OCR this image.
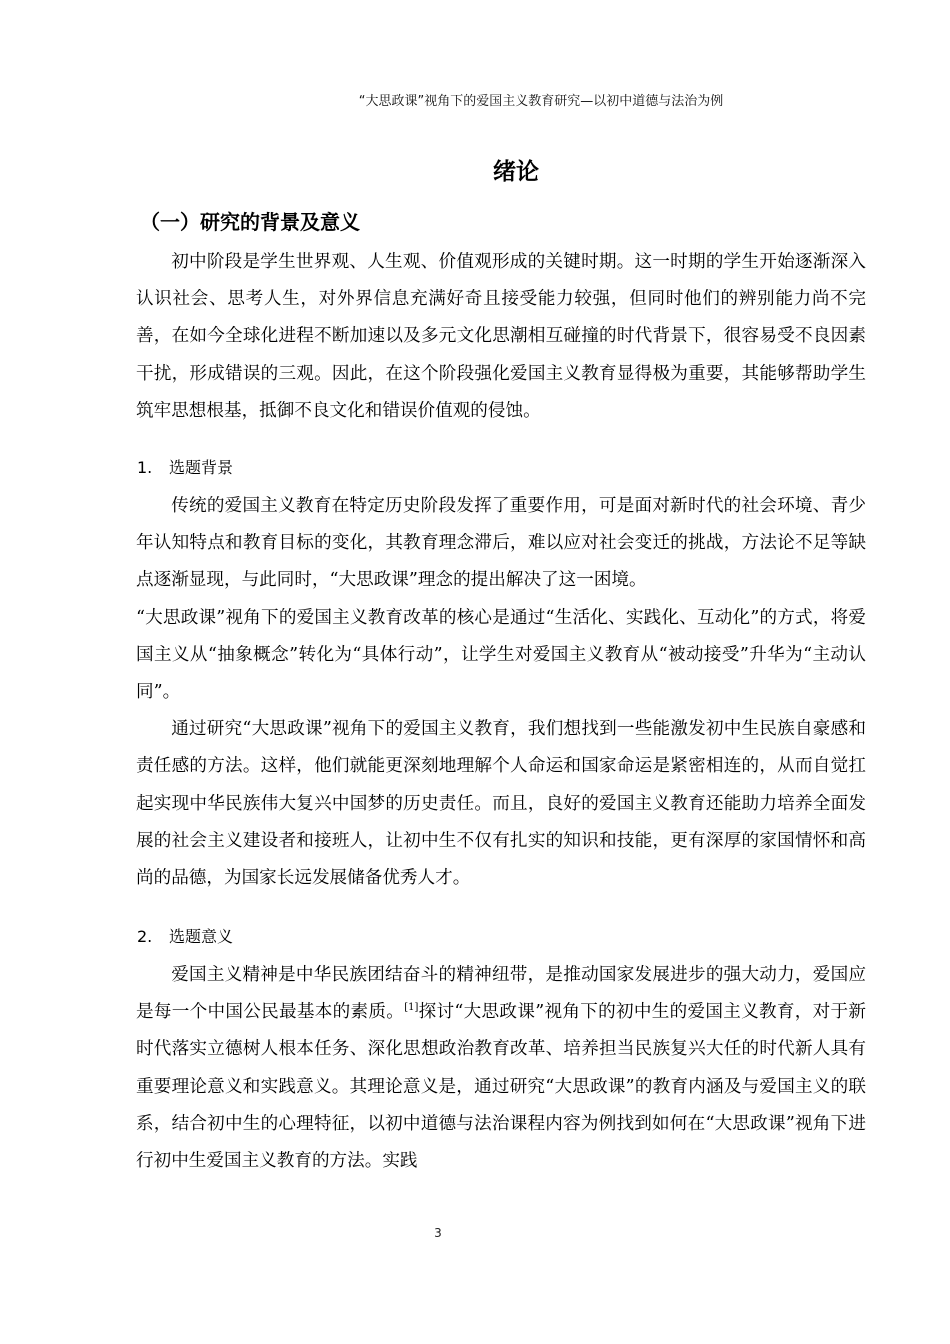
“大思政课”视角下的爱国主义教育研究—以初中道德与法治为例
绪论
（一）研究的背景及意义

初中阶段是学生世界观、人生观、价值观形成的关键时期。这一时期的学生开始逐渐深入认识社会、思考人生，对外界信息充满好奇且接受能力较强，但同时他们的辨别能力尚不完善，在如今全球化进程不断加速以及多元文化思潮相互碰撞的时代背景下，很容易受不良因素干扰，形成错误的三观。因此，在这个阶段强化爱国主义教育显得极为重要，其能够帮助学生筑牢思想根基，抵御不良文化和错误价值观的侵蚀。

1. 选题背景

传统的爱国主义教育在特定历史阶段发挥了重要作用，可是面对新时代的社会环境、青少年认知特点和教育目标的变化，其教育理念滞后，难以应对社会变迁的挑战，方法论不足等缺点逐渐显现，与此同时，“大思政课”理念的提出解决了这一困境。

“大思政课”视角下的爱国主义教育改革的核心是通过“生活化、实践化、互动化”的方式，将爱国主义从“抽象概念”转化为“具体行动”，让学生对爱国主义教育从“被动接受”升华为“主动认同”。

通过研究“大思政课”视角下的爱国主义教育，我们想找到一些能激发初中生民族自豪感和责任感的方法。这样，他们就能更深刻地理解个人命运和国家命运是紧密相连的，从而自觉扛起实现中华民族伟大复兴中国梦的历史责任。而且，良好的爱国主义教育还能助力培养全面发展的社会主义建设者和接班人，让初中生不仅有扎实的知识和技能，更有深厚的家国情怀和高尚的品德，为国家长远发展储备优秀人才。

2. 选题意义

爱国主义精神是中华民族团结奋斗的精神纽带，是推动国家发展进步的强大动力，爱国应是每一个中国公民最基本的素质。[1]探讨“大思政课”视角下的初中生的爱国主义教育，对于新时代落实立德树人根本任务、深化思想政治教育改革、培养担当民族复兴大任的时代新人具有重要理论意义和实践意义。其理论意义是，通过研究“大思政课”的教育内涵及与爱国主义的联系，结合初中生的心理特征，以初中道德与法治课程内容为例找到如何在“大思政课”视角下进行初中生爱国主义教育的方法。实践

3
